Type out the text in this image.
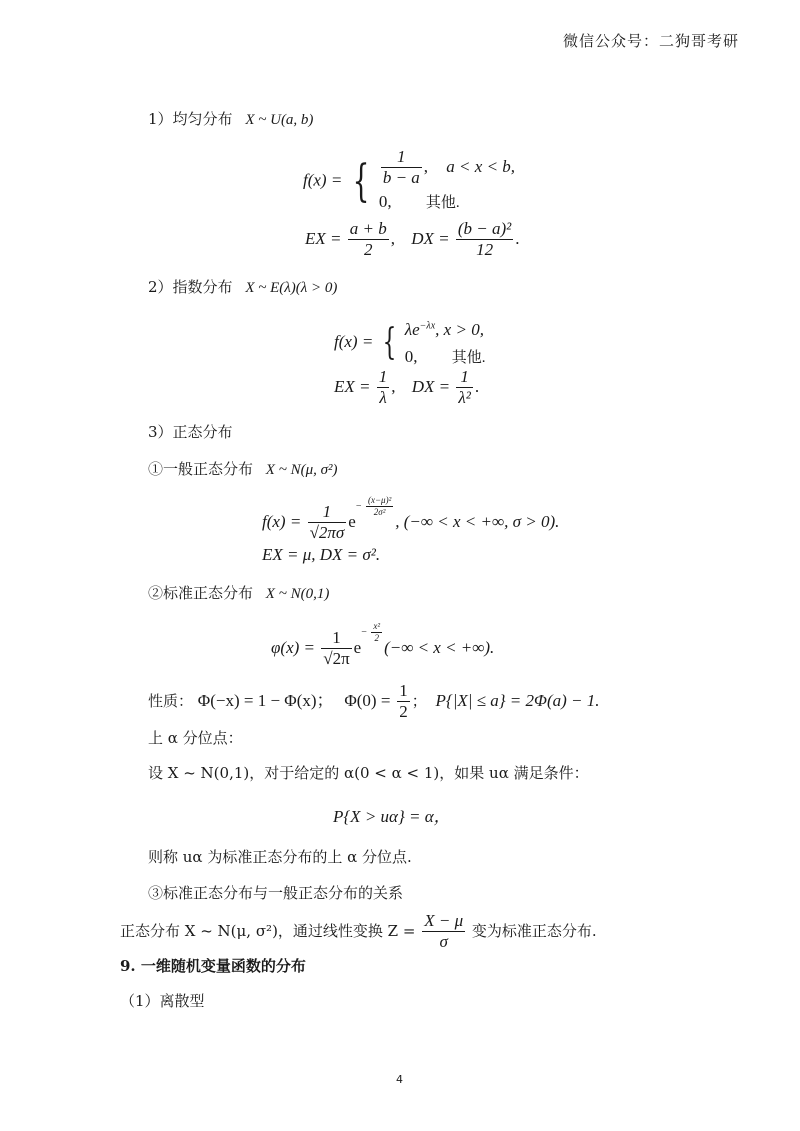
微信公众号：二狗哥考研
1）均匀分布 X ~ U(a, b)
f(x) = { $\frac{1}{b - a}$ , a < x < b,
0, 其他.
EX = $\frac{a + b}{2}$ , DX = $\frac{\text{(b − a)²}}{12}$ .
2）指数分布 X ~ E(λ)(λ > 0)
f(x) = { $\lambda e^{-\lambda x}$, x > 0,
0, 其他.
EX = $\frac{1}{\lambda}$ , DX = $\frac{1}{\text{λ²}}$ .
3）正态分布
①一般正态分布 X ~ N(μ, σ²)
$f(x) = \frac{1}{√2\pi\sigma} e- \frac{\text{(x−μ)²}}{\text{2σ²}}$
, (−∞ < x < +∞, σ > 0).
EX = μ, DX = σ².
②标准正态分布 X ~ N(0,1)
$\varphi(x) = \frac{1}{√2\pi} e- \frac{\text{x²}}{2}$
(−∞ < x < +∞).
性质： Φ(−x) = 1 − Φ(x)； $\Phi(0) = \frac{1}{2}$ ； P{|X| ≤ a} = 2Φ(a) − 1.
上 α 分位点：
设 X ~ N(0,1)，对于给定的 α(0 < α < 1)，如果 uα 满足条件：
P{X > uα} = α，
则称 uα 为标准正态分布的上 α 分位点.
③标准正态分布与一般正态分布的关系
正态分布 X ~ N(μ, σ²)，通过线性变换 $Z = \frac{X - \mu}{\sigma}$ 变为标准正态分布.
9. 一维随机变量函数的分布
（1）离散型
4
